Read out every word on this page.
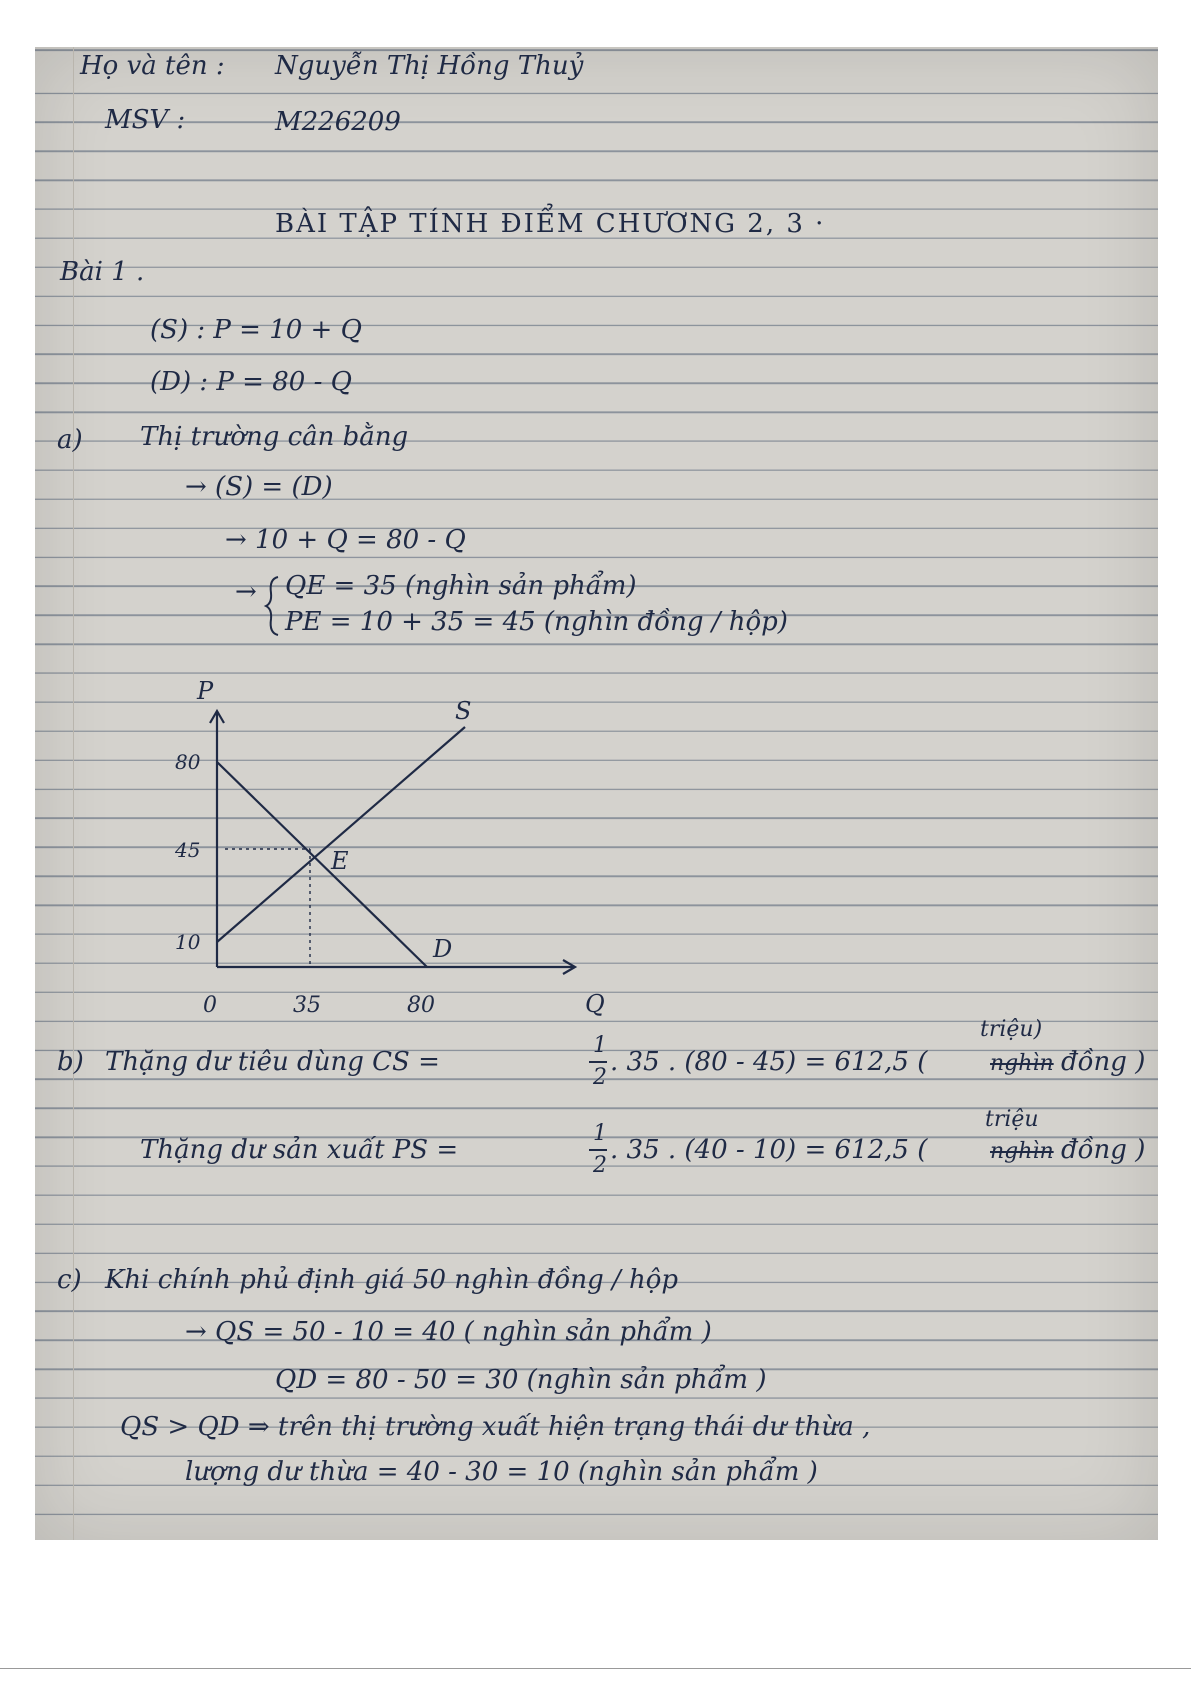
Họ và tên : Nguyễn Thị Hồng Thuỷ
MSV :	M226209
BÀI TẬP TÍNH ĐIỂM CHƯƠNG 2, 3 ·
Bài 1 .
(S) : P = 10 + Q
(D) : P = 80 - Q
a) Thị trường cân bằng
→ (S) = (D)
→ 10 + Q = 80 - Q
→ QE = 35 (nghìn sản phẩm)
PE = 10 + 35 = 45 (nghìn đồng / hộp)
P
Q
0
80
45
10
35	80
S
D
E
triệu)
b) Thặng dư tiêu dùng CS =
1
2
. 35 . (80 - 45) = 612,5 (	nghìn đồng )
triệu
Thặng dư sản xuất PS =
1
2
. 35 . (40 - 10) = 612,5 (	nghìn đồng )
c) Khi chính phủ định giá 50 nghìn đồng / hộp
→ QS = 50 - 10 = 40 ( nghìn sản phẩm )
QD = 80 - 50 = 30 (nghìn sản phẩm )
QS > QD ⇒ trên thị trường xuất hiện trạng thái dư thừa ,
lượng dư thừa = 40 - 30 = 10 (nghìn sản phẩm )
